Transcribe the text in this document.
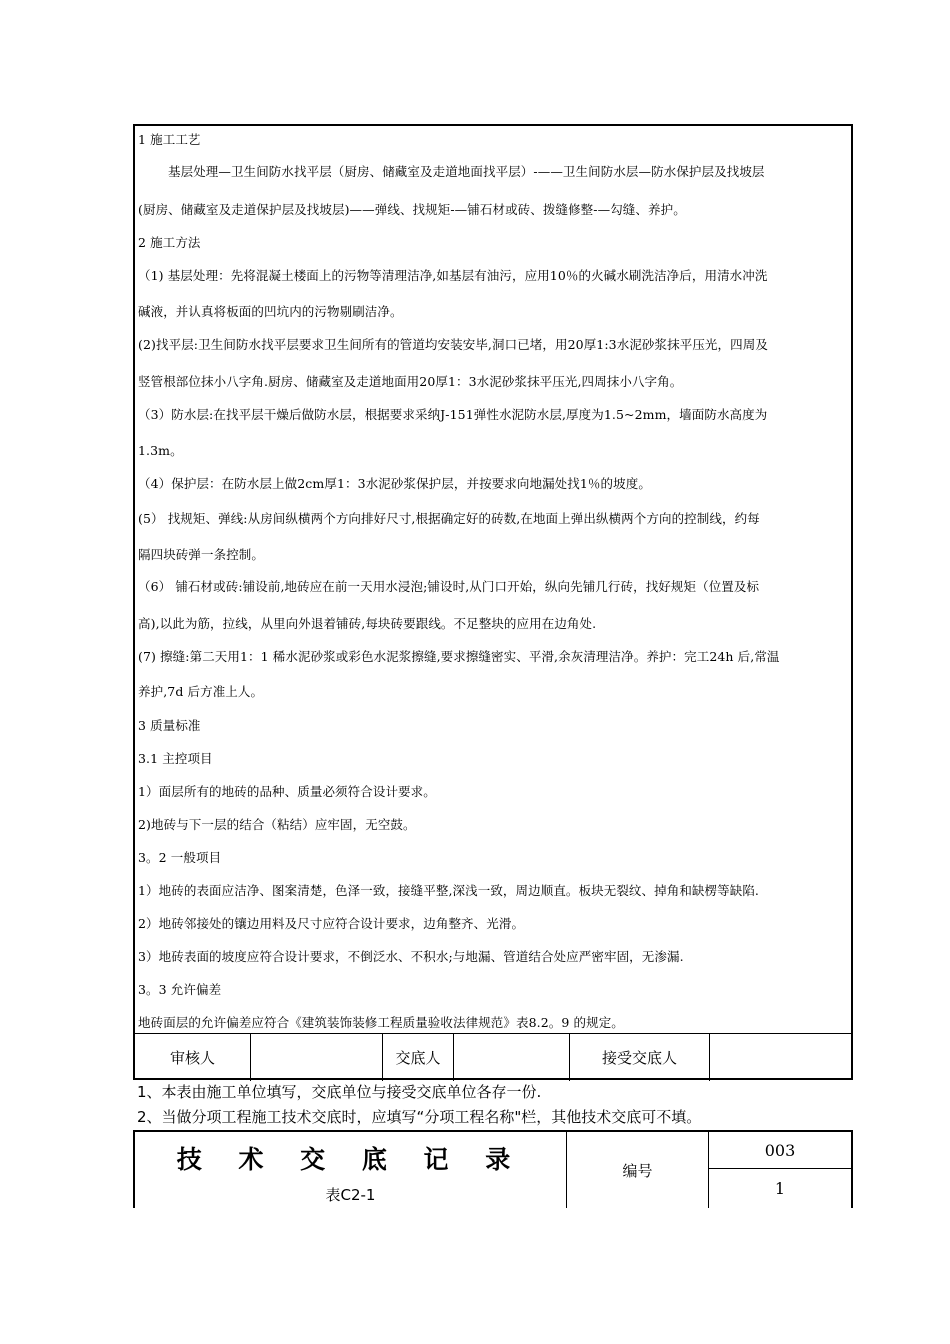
1 施工工艺
基层处理—卫生间防水找平层（厨房、储藏室及走道地面找平层）-——卫生间防水层—防水保护层及找坡层
(厨房、储藏室及走道保护层及找坡层)——弹线、找规矩-—铺石材或砖、拨缝修整-—勾缝、养护。
2 施工方法
（1) 基层处理：先将混凝土楼面上的污物等清理洁净,如基层有油污，应用10％的火碱水刷洗洁净后，用清水冲洗
碱液，并认真将板面的凹坑内的污物剔刷洁净。
(2)找平层:卫生间防水找平层要求卫生间所有的管道均安装安毕,洞口已堵，用20厚1:3水泥砂浆抹平压光，四周及
竖管根部位抹小八字角.厨房、储藏室及走道地面用20厚1：3水泥砂浆抹平压光,四周抹小八字角。
（3）防水层:在找平层干燥后做防水层，根据要求采纳J-151弹性水泥防水层,厚度为1.5~2mm，墙面防水高度为
1.3m。
（4）保护层：在防水层上做2cm厚1：3水泥砂浆保护层，并按要求向地漏处找1％的坡度。
(5） 找规矩、弹线:从房间纵横两个方向排好尺寸,根据确定好的砖数,在地面上弹出纵横两个方向的控制线，约每
隔四块砖弹一条控制。
（6） 铺石材或砖:铺设前,地砖应在前一天用水浸泡;铺设时,从门口开始，纵向先铺几行砖，找好规矩（位置及标
高),以此为筋，拉线，从里向外退着铺砖,每块砖要跟线。不足整块的应用在边角处.
(7) 擦缝:第二天用1：1 稀水泥砂浆或彩色水泥浆擦缝,要求擦缝密实、平滑,余灰清理洁净。养护：完工24h 后,常温
养护,7d 后方准上人。
3 质量标准
3.1 主控项目
1）面层所有的地砖的品种、质量必须符合设计要求。
2)地砖与下一层的结合（粘结）应牢固，无空鼓。
3。2 一般项目
1）地砖的表面应洁净、图案清楚，色泽一致，接缝平整,深浅一致，周边顺直。板块无裂纹、掉角和缺楞等缺陷.
2）地砖邻接处的镶边用料及尺寸应符合设计要求，边角整齐、光滑。
3）地砖表面的坡度应符合设计要求，不倒泛水、不积水;与地漏、管道结合处应严密牢固，无渗漏.
3。3 允许偏差
地砖面层的允许偏差应符合《建筑装饰装修工程质量验收法律规范》表8.2。9 的规定。
审核人	交底人	接受交底人
1、本表由施工单位填写，交底单位与接受交底单位各存一份.
2、当做分项工程施工技术交底时，应填写“分项工程名称"栏，其他技术交底可不填。
技 术 交 底 记 录
表C2-1
编号
003
1
